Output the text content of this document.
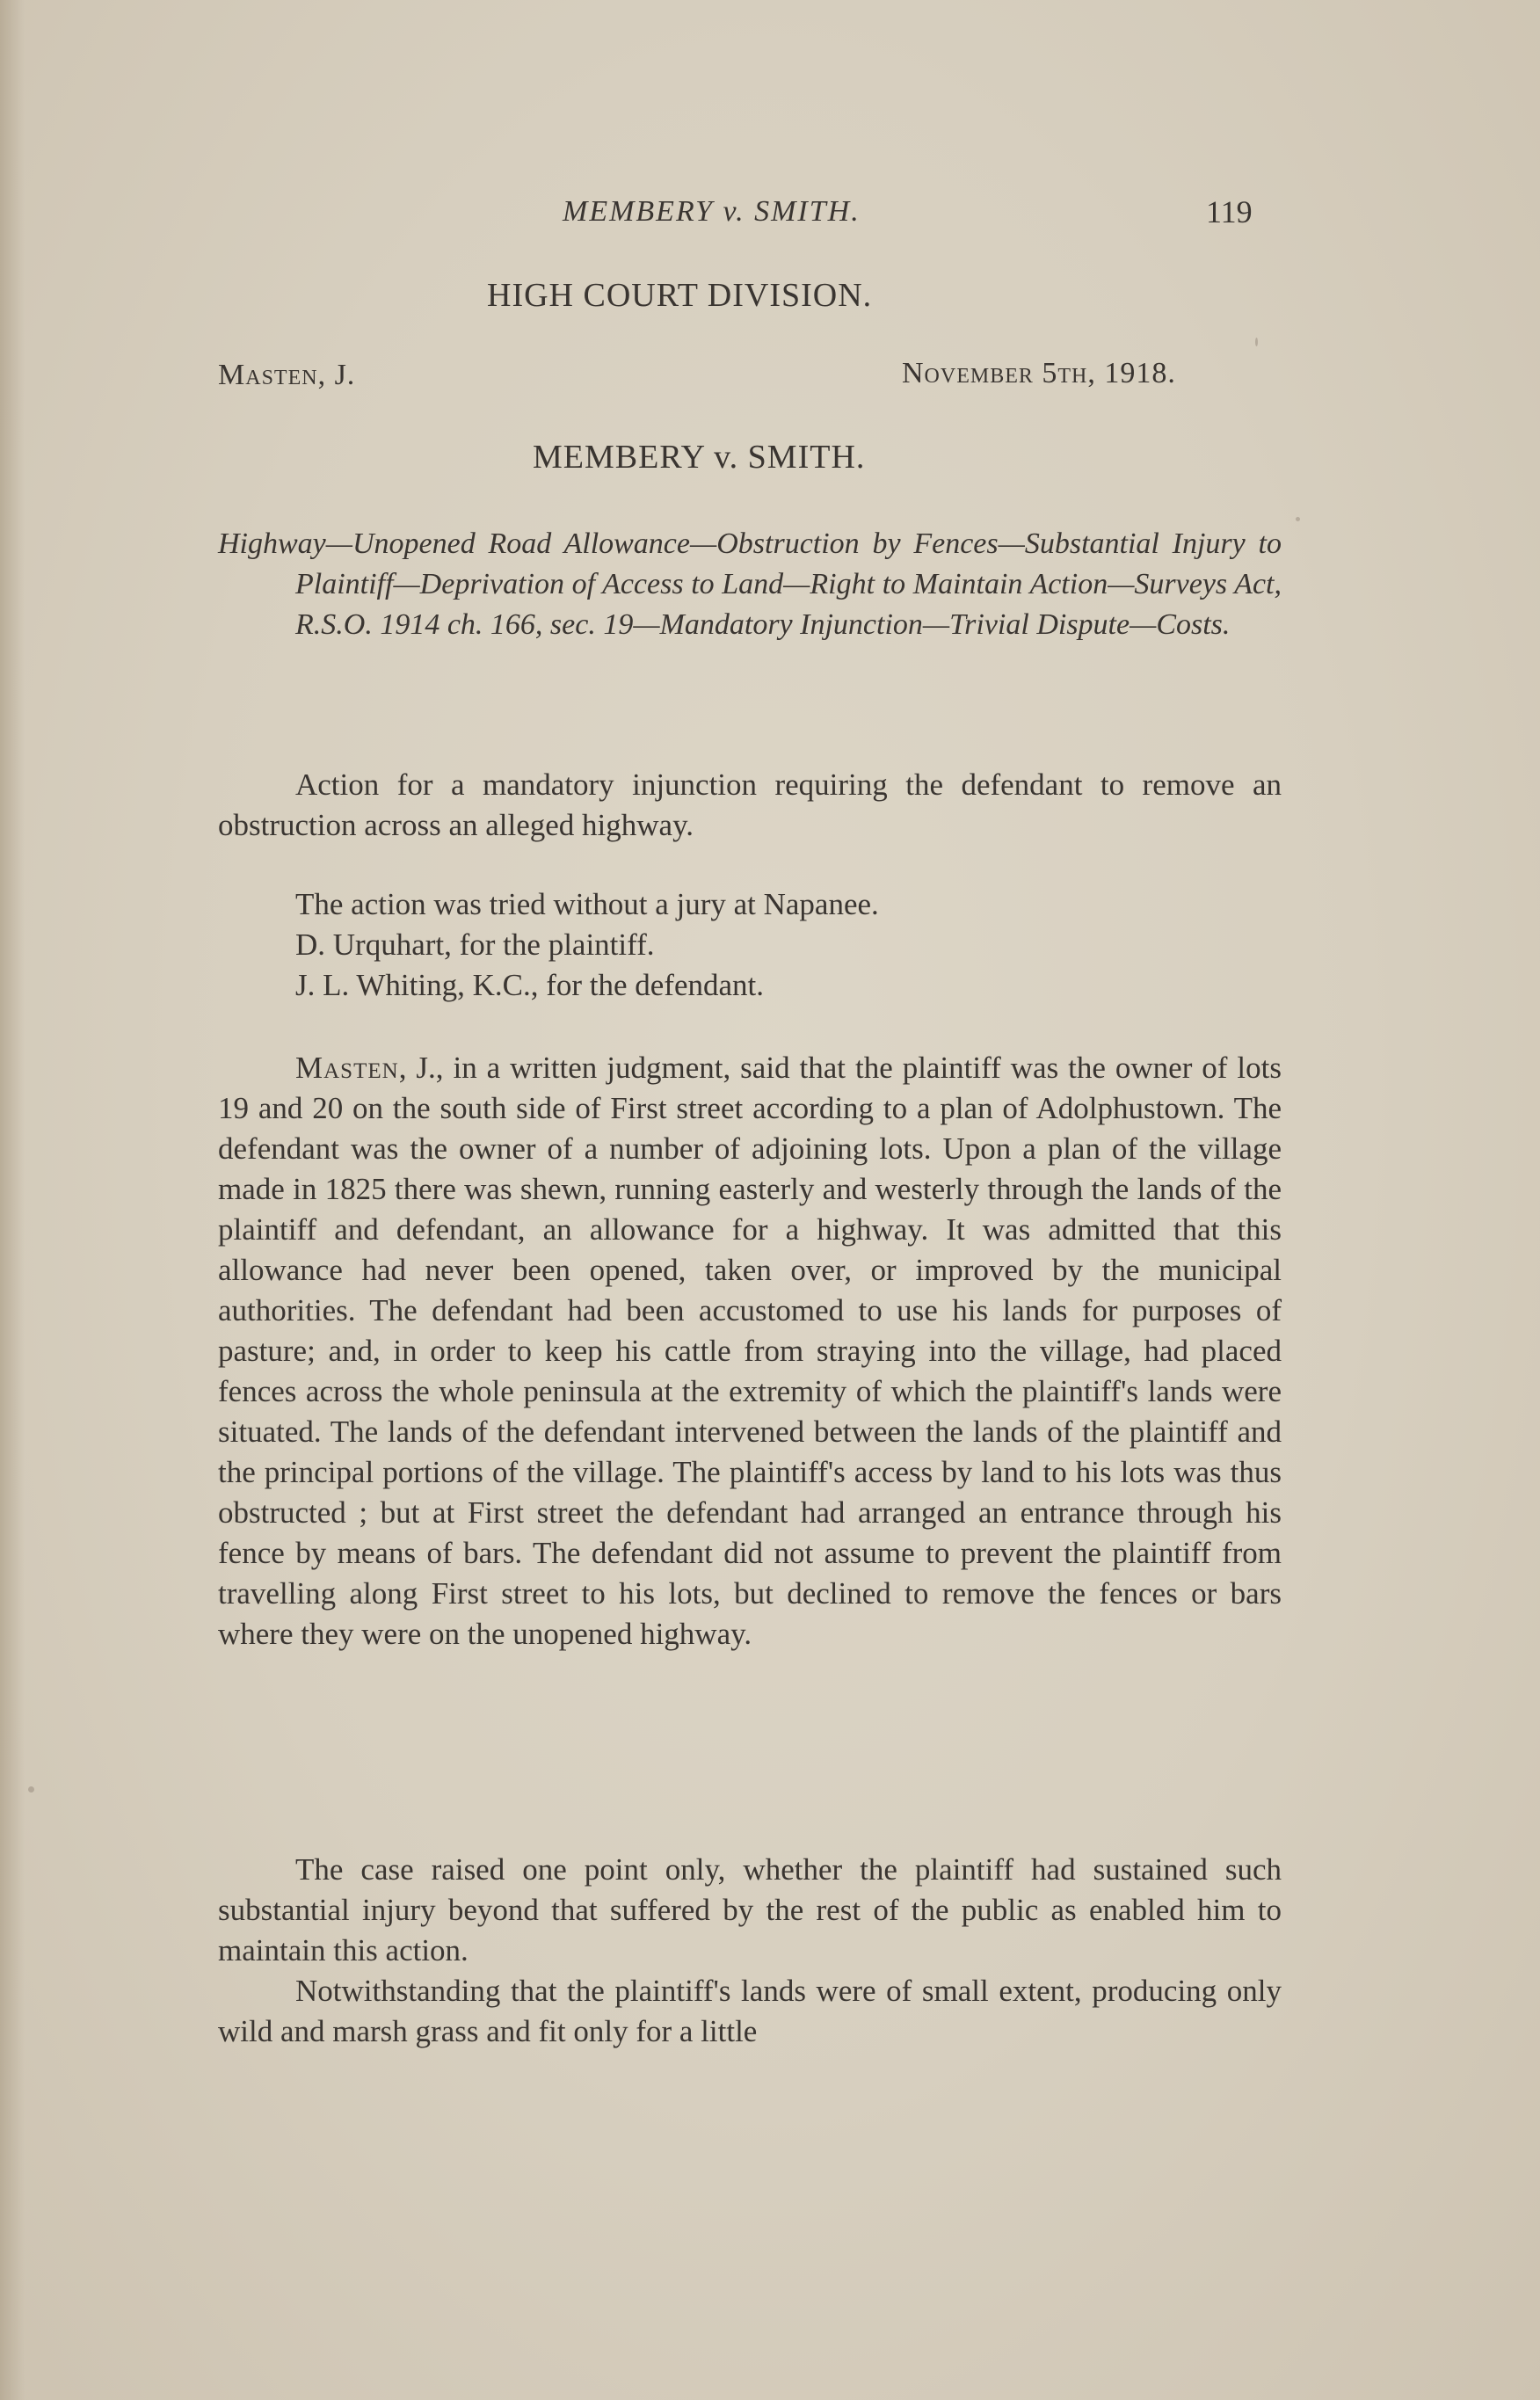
MEMBERY v. SMITH.	119
HIGH COURT DIVISION.
Masten, J.	November 5th, 1918.
MEMBERY v. SMITH.
Highway—Unopened Road Allowance—Obstruction by Fences—Substantial Injury to Plaintiff—Deprivation of Access to Land—Right to Maintain Action—Surveys Act, R.S.O. 1914 ch. 166, sec. 19—Mandatory Injunction—Trivial Dispute—Costs.
Action for a mandatory injunction requiring the defendant to remove an obstruction across an alleged highway.
The action was tried without a jury at Napanee.
D. Urquhart, for the plaintiff.
J. L. Whiting, K.C., for the defendant.
Masten, J., in a written judgment, said that the plaintiff was the owner of lots 19 and 20 on the south side of First street according to a plan of Adolphustown. The defendant was the owner of a number of adjoining lots. Upon a plan of the village made in 1825 there was shewn, running easterly and westerly through the lands of the plaintiff and defendant, an allowance for a highway. It was admitted that this allowance had never been opened, taken over, or improved by the municipal authorities. The defendant had been accustomed to use his lands for purposes of pasture; and, in order to keep his cattle from straying into the village, had placed fences across the whole peninsula at the extremity of which the plaintiff's lands were situated. The lands of the defendant intervened between the lands of the plaintiff and the principal portions of the village. The plaintiff's access by land to his lots was thus obstructed ; but at First street the defendant had arranged an entrance through his fence by means of bars. The defendant did not assume to prevent the plaintiff from travelling along First street to his lots, but declined to remove the fences or bars where they were on the unopened highway.
The case raised one point only, whether the plaintiff had sustained such substantial injury beyond that suffered by the rest of the public as enabled him to maintain this action.
Notwithstanding that the plaintiff's lands were of small extent, producing only wild and marsh grass and fit only for a little
